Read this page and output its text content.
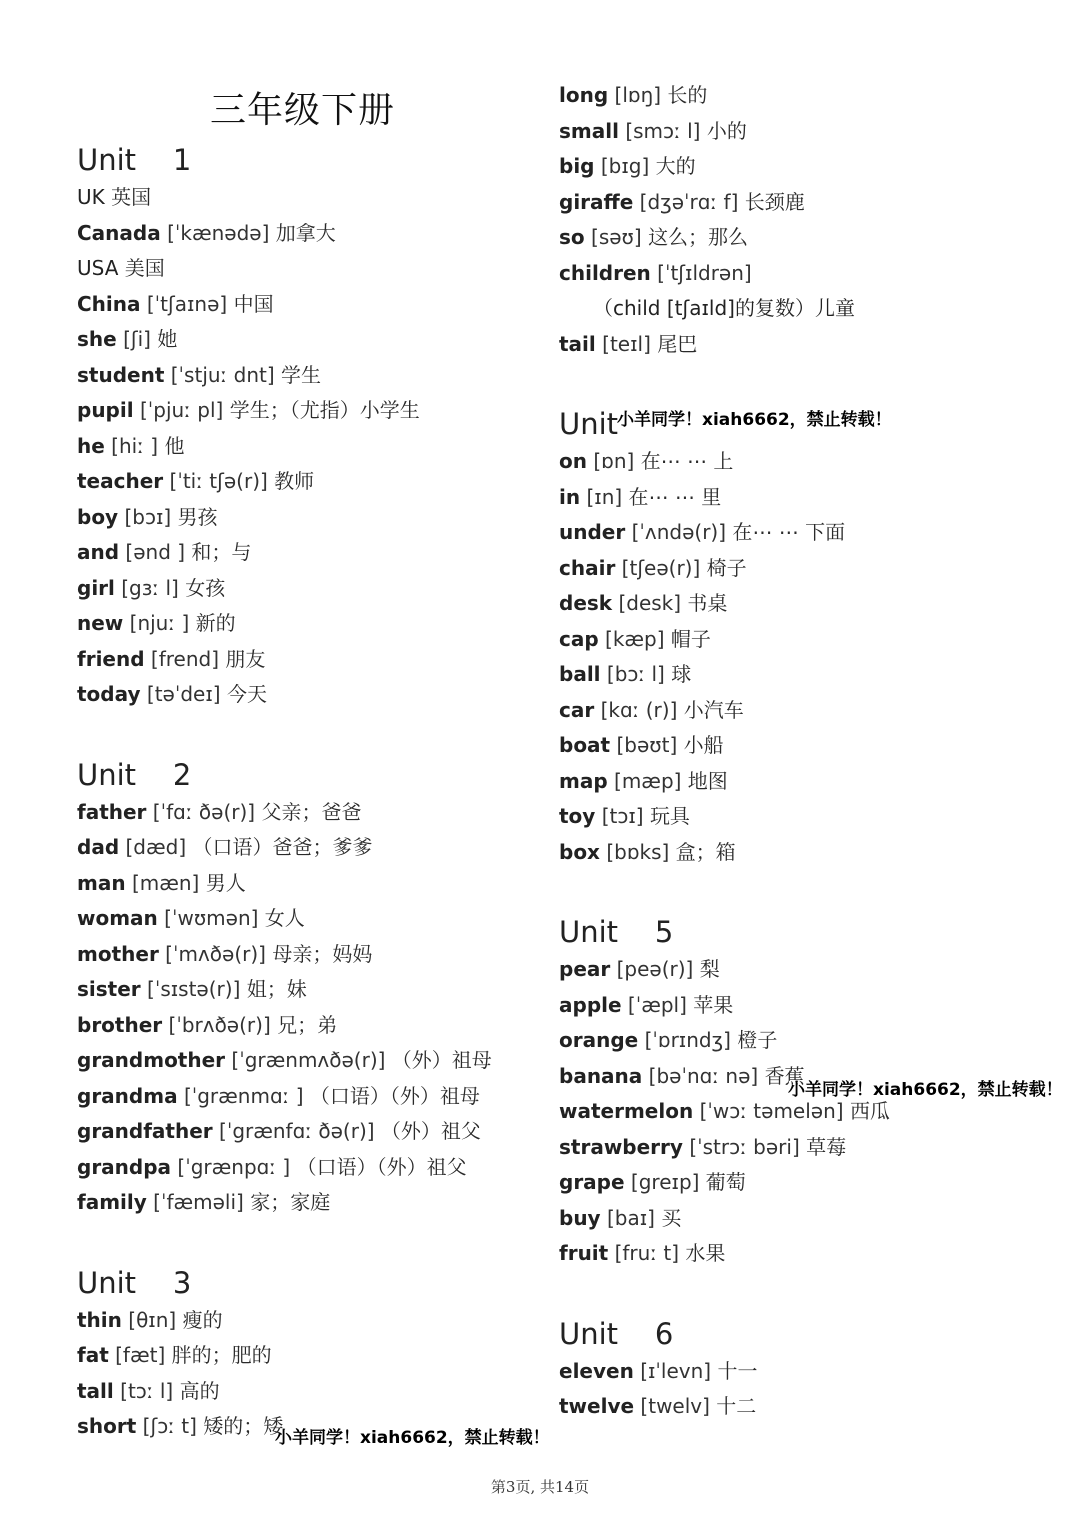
三年级下册
Unit    1
UK 英国
Canada [ˈkænədə] 加拿大
USA 美国
China [ˈtʃaɪnə] 中国
she [ʃi] 她
student [ˈstjuː dnt] 学生
pupil [ˈpjuː pl] 学生；（尤指）小学生
he [hiː ] 他
teacher [ˈtiː tʃə(r)] 教师
boy [bɔɪ] 男孩
and [ənd ] 和；与
girl [gɜː l] 女孩
new [njuː ] 新的
friend [frend] 朋友
today [təˈdeɪ] 今天
Unit    2
father [ˈfɑː ðə(r)] 父亲；爸爸
dad [dæd] （口语）爸爸；爹爹
man [mæn] 男人
woman [ˈwʊmən] 女人
mother [ˈmʌðə(r)] 母亲；妈妈
sister [ˈsɪstə(r)] 姐；妹
brother [ˈbrʌðə(r)] 兄；弟
grandmother [ˈgrænmʌðə(r)] （外）祖母
grandma [ˈgrænmɑː ] （口语）（外）祖母
grandfather [ˈgrænfɑː ðə(r)] （外）祖父
grandpa [ˈgrænpɑː ] （口语）（外）祖父
family [ˈfæməli] 家；家庭
Unit    3
thin [θɪn] 瘦的
fat [fæt] 胖的；肥的
tall [tɔː l] 高的
short [ʃɔː t] 矮的；矮
long [lɒŋ] 长的
small [smɔː l] 小的
big [bɪg] 大的
giraffe [dʒəˈrɑː f] 长颈鹿
so [səʊ] 这么；那么
children [ˈtʃɪldrən]
（child [tʃaɪld]的复数）儿童
tail [teɪl] 尾巴
Unit
on [ɒn] 在⋯ ⋯ 上
in [ɪn] 在⋯ ⋯ 里
under [ˈʌndə(r)] 在⋯ ⋯ 下面
chair [tʃeə(r)] 椅子
desk [desk] 书桌
cap [kæp] 帽子
ball [bɔː l] 球
car [kɑː (r)] 小汽车
boat [bəʊt] 小船
map [mæp] 地图
toy [tɔɪ] 玩具
box [bɒks] 盒；箱
Unit    5
pear [peə(r)] 梨
apple [ˈæpl] 苹果
orange [ˈɒrɪndʒ] 橙子
banana [bəˈnɑː nə] 香蕉
watermelon [ˈwɔː təmelən] 西瓜
strawberry [ˈstrɔː bəri] 草莓
grape [greɪp] 葡萄
buy [baɪ] 买
fruit [fruː t] 水果
Unit    6
eleven [ɪˈlevn] 十一
twelve [twelv] 十二
小羊同学！xiah6662，禁止转载！
小羊同学！xiah6662，禁止转载！
小羊同学！xiah6662，禁止转载！
第3页, 共14页
